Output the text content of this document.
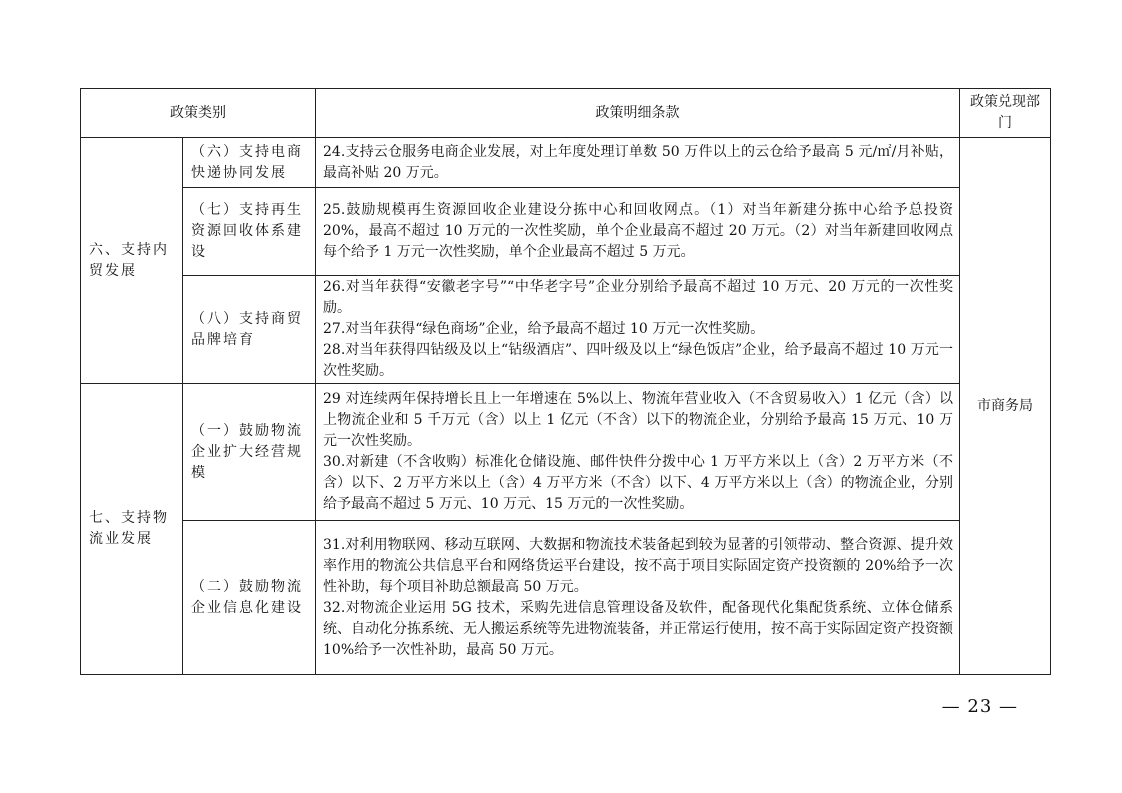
政策类别		政策明细条款	政策兑现部门
六、支持内贸发展	（六）支持电商快递协同发展	24.支持云仓服务电商企业发展，对上年度处理订单数 50 万件以上的云仓给予最高 5 元/㎡/月补贴，最高补贴 20 万元。	市商务局
	（七）支持再生资源回收体系建设	25.鼓励规模再生资源回收企业建设分拣中心和回收网点。（1）对当年新建分拣中心给予总投资 20%，最高不超过 10 万元的一次性奖励，单个企业最高不超过 20 万元。（2）对当年新建回收网点每个给予 1 万元一次性奖励，单个企业最高不超过 5 万元。	

	（八）支持商贸品牌培育	26.对当年获得“安徽老字号”“中华老字号”企业分别给予最高不超过 10 万元、20 万元的一次性奖励。

27.对当年获得“绿色商场”企业，给予最高不超过 10 万元一次性奖励。

28.对当年获得四钻级及以上“钻级酒店”、四叶级及以上“绿色饭店”企业，给予最高不超过 10 万元一次性奖励。	

七、支持物流业发展	（一）鼓励物流企业扩大经营规模	29 对连续两年保持增长且上一年增速在 5%以上、物流年营业收入（不含贸易收入）1 亿元（含）以上物流企业和 5 千万元（含）以上 1 亿元（不含）以下的物流企业，分别给予最高 15 万元、10 万元一次性奖励。

30.对新建（不含收购）标准化仓储设施、邮件快件分拨中心 1 万平方米以上（含）2 万平方米（不含）以下、2 万平方米以上（含）4 万平方米（不含）以下、4 万平方米以上（含）的物流企业，分别给予最高不超过 5 万元、10 万元、15 万元的一次性奖励。	

	（二）鼓励物流企业信息化建设	31.对利用物联网、移动互联网、大数据和物流技术装备起到较为显著的引领带动、整合资源、提升效率作用的物流公共信息平台和网络货运平台建设，按不高于项目实际固定资产投资额的 20%给予一次性补助，每个项目补助总额最高 50 万元。

32.对物流企业运用 5G 技术，采购先进信息管理设备及软件，配备现代化集配货系统、立体仓储系统、自动化分拣系统、无人搬运系统等先进物流装备，并正常运行使用，按不高于实际固定资产投资额 10%给予一次性补助，最高 50 万元。	

— 23 —
